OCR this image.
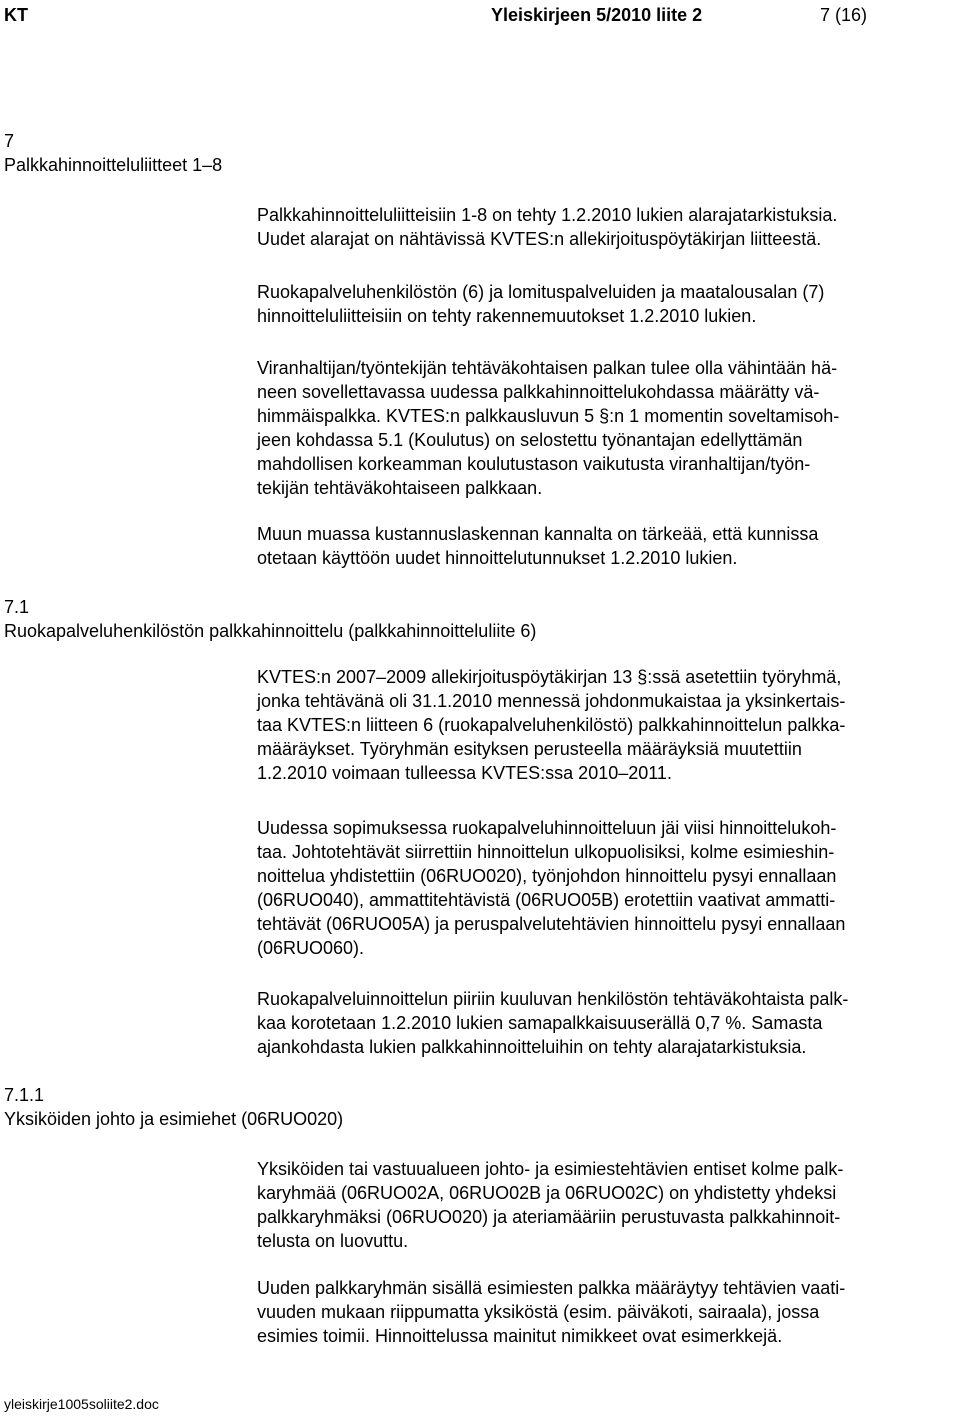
KT	Yleiskirjeen 5/2010 liite 2	7 (16)
7
Palkkahinnoitteluliitteet 1–8

Palkkahinnoitteluliitteisiin 1-8 on tehty 1.2.2010 lukien alarajatarkistuksia.
Uudet alarajat on nähtävissä KVTES:n allekirjoituspöytäkirjan liitteestä.

Ruokapalveluhenkilöstön (6) ja lomituspalveluiden ja maatalousalan (7)
hinnoitteluliitteisiin on tehty rakennemuutokset 1.2.2010 lukien.

Viranhaltijan/työntekijän tehtäväkohtaisen palkan tulee olla vähintään hä-
neen sovellettavassa uudessa palkkahinnoittelukohdassa määrätty vä-
himmäispalkka. KVTES:n palkkausluvun 5 §:n 1 momentin soveltamisoh-
jeen kohdassa 5.1 (Koulutus) on selostettu työnantajan edellyttämän
mahdollisen korkeamman koulutustason vaikutusta viranhaltijan/työn-
tekijän tehtäväkohtaiseen palkkaan.

Muun muassa kustannuslaskennan kannalta on tärkeää, että kunnissa
otetaan käyttöön uudet hinnoittelutunnukset 1.2.2010 lukien.

7.1
Ruokapalveluhenkilöstön palkkahinnoittelu (palkkahinnoitteluliite 6)

KVTES:n 2007–2009 allekirjoituspöytäkirjan 13 §:ssä asetettiin työryhmä,
jonka tehtävänä oli 31.1.2010 mennessä johdonmukaistaa ja yksinkertais-
taa KVTES:n liitteen 6 (ruokapalveluhenkilöstö) palkkahinnoittelun palkka-
määräykset. Työryhmän esityksen perusteella määräyksiä muutettiin
1.2.2010 voimaan tulleessa KVTES:ssa 2010–2011.

Uudessa sopimuksessa ruokapalveluhinnoitteluun jäi viisi hinnoittelukoh-
taa. Johtotehtävät siirrettiin hinnoittelun ulkopuolisiksi, kolme esimieshin-
noittelua yhdistettiin (06RUO020), työnjohdon hinnoittelu pysyi ennallaan
(06RUO040), ammattitehtävistä (06RUO05B) erotettiin vaativat ammatti-
tehtävät (06RUO05A) ja peruspalvelutehtävien hinnoittelu pysyi ennallaan
(06RUO060).

Ruokapalveluinnoittelun piiriin kuuluvan henkilöstön tehtäväkohtaista palk-
kaa korotetaan 1.2.2010 lukien samapalkkaisuuserällä 0,7 %. Samasta
ajankohdasta lukien palkkahinnoitteluihin on tehty alarajatarkistuksia.

7.1.1
Yksiköiden johto ja esimiehet (06RUO020)

Yksiköiden tai vastuualueen johto- ja esimiestehtävien entiset kolme palk-
karyhmää (06RUO02A, 06RUO02B ja 06RUO02C) on yhdistetty yhdeksi
palkkaryhmäksi (06RUO020) ja ateriamääriin perustuvasta palkkahinnoit-
telusta on luovuttu.

Uuden palkkaryhmän sisällä esimiesten palkka määräytyy tehtävien vaati-
vuuden mukaan riippumatta yksiköstä (esim. päiväkoti, sairaala), jossa
esimies toimii. Hinnoittelussa mainitut nimikkeet ovat esimerkkejä.

yleiskirje1005soliite2.doc
